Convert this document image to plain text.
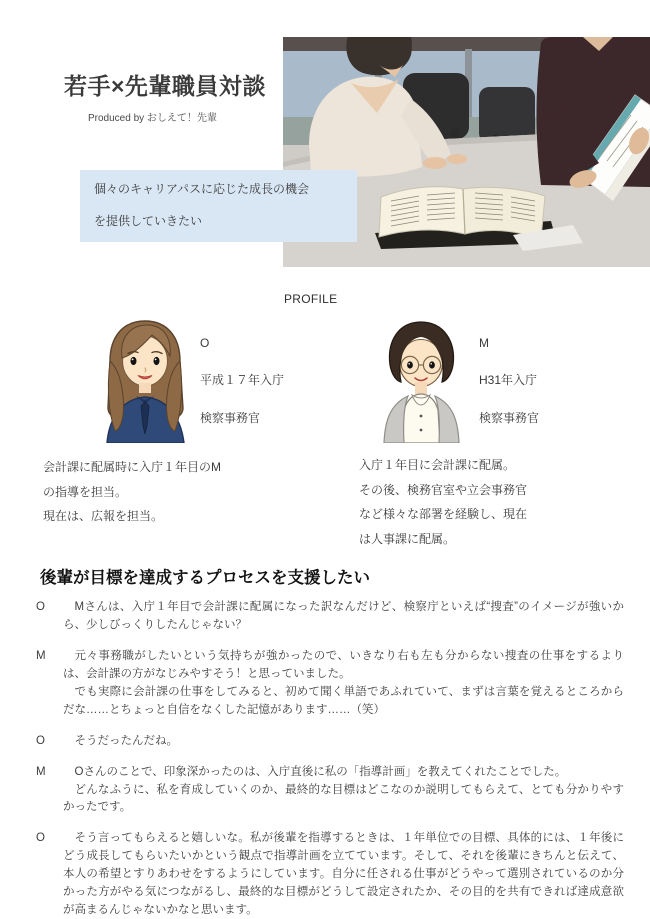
若手×先輩職員対談
Produced by おしえて！先輩

個々のキャリアパスに応じた成長の機会

を提供していきたい

PROFILE

O

平成１７年入庁

検察事務官

M

H31年入庁

検察事務官

会計課に配属時に入庁１年目のM

の指導を担当。

現在は、広報を担当。

入庁１年目に会計課に配属。

その後、検務官室や立会事務官

など様々な部署を経験し、現在

は人事課に配属。

後輩が目標を達成するプロセスを支援したい
O	Mさんは、入庁１年目で会計課に配属になった訳なんだけど、検察庁といえば“捜査”のイメージが強いから、少しびっくりしたんじゃない？

M	元々事務職がしたいという気持ちが強かったので、いきなり右も左も分からない捜査の仕事をするよりは、会計課の方がなじみやすそう！と思っていました。

でも実際に会計課の仕事をしてみると、初めて聞く単語であふれていて、まずは言葉を覚えるところからだな……とちょっと自信をなくした記憶があります……（笑）

O	そうだったんだね。

M	Oさんのことで、印象深かったのは、入庁直後に私の「指導計画」を教えてくれたことでした。

どんなふうに、私を育成していくのか、最終的な目標はどこなのか説明してもらえて、とても分かりやすかったです。

O	そう言ってもらえると嬉しいな。私が後輩を指導するときは、１年単位での目標、具体的には、１年後にどう成長してもらいたいかという観点で指導計画を立てています。そして、それを後輩にきちんと伝えて、本人の希望とすりあわせをするようにしています。自分に任される仕事がどうやって選別されているのか分かった方がやる気につながるし、最終的な目標がどうして設定されたか、その目的を共有できれば達成意欲が高まるんじゃないかなと思います。
